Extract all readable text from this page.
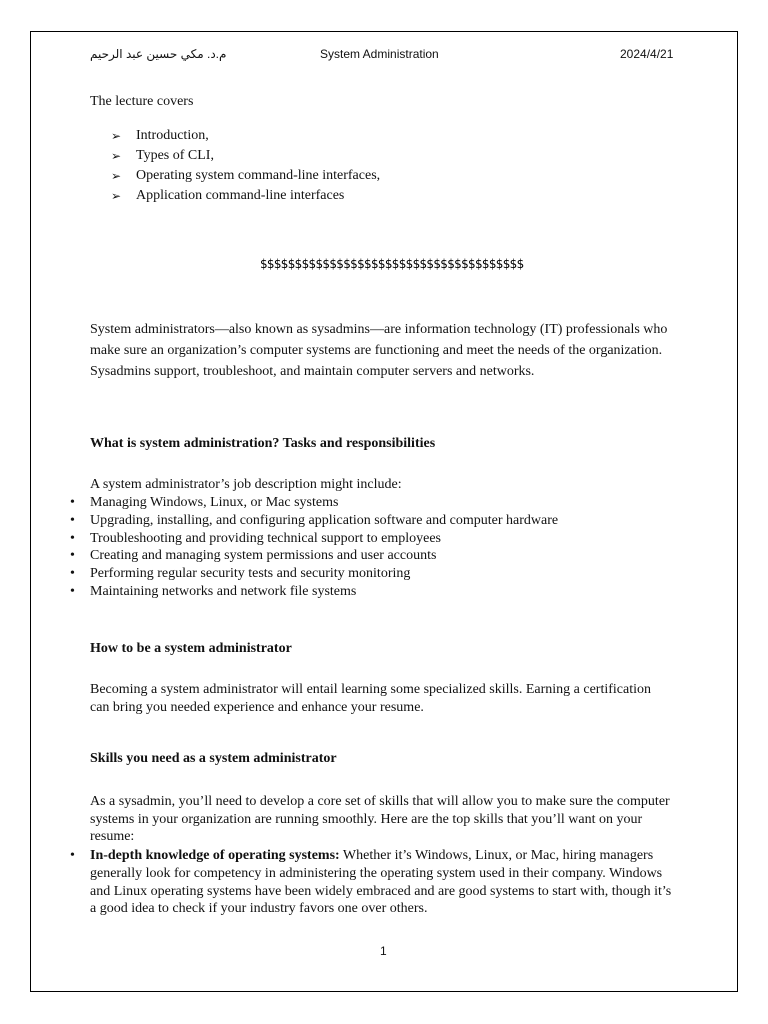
م.د. مكي حسين عبد الرحيم	System Administration	2024/4/21

The lecture covers

➢ Introduction,
➢ Types of CLI,
➢ Operating system command-line interfaces,
➢ Application command-line interfaces
$$$$$$$$$$$$$$$$$$$$$$$$$$$$$$$$$$$$$$

System administrators—also known as sysadmins—are information technology (IT) professionals who make sure an organization’s computer systems are functioning and meet the needs of the organization. Sysadmins support, troubleshoot, and maintain computer servers and networks.

What is system administration? Tasks and responsibilities

A system administrator’s job description might include:

• Managing Windows, Linux, or Mac systems
• Upgrading, installing, and configuring application software and computer hardware
• Troubleshooting and providing technical support to employees
• Creating and managing system permissions and user accounts
• Performing regular security tests and security monitoring
• Maintaining networks and network file systems

How to be a system administrator

Becoming a system administrator will entail learning some specialized skills. Earning a certification can bring you needed experience and enhance your resume.

Skills you need as a system administrator

As a sysadmin, you’ll need to develop a core set of skills that will allow you to make sure the computer systems in your organization are running smoothly. Here are the top skills that you’ll want on your resume:

• In-depth knowledge of operating systems: Whether it’s Windows, Linux, or Mac, hiring managers generally look for competency in administering the operating system used in their company. Windows and Linux operating systems have been widely embraced and are good systems to start with, though it’s a good idea to check if your industry favors one over others.
1
